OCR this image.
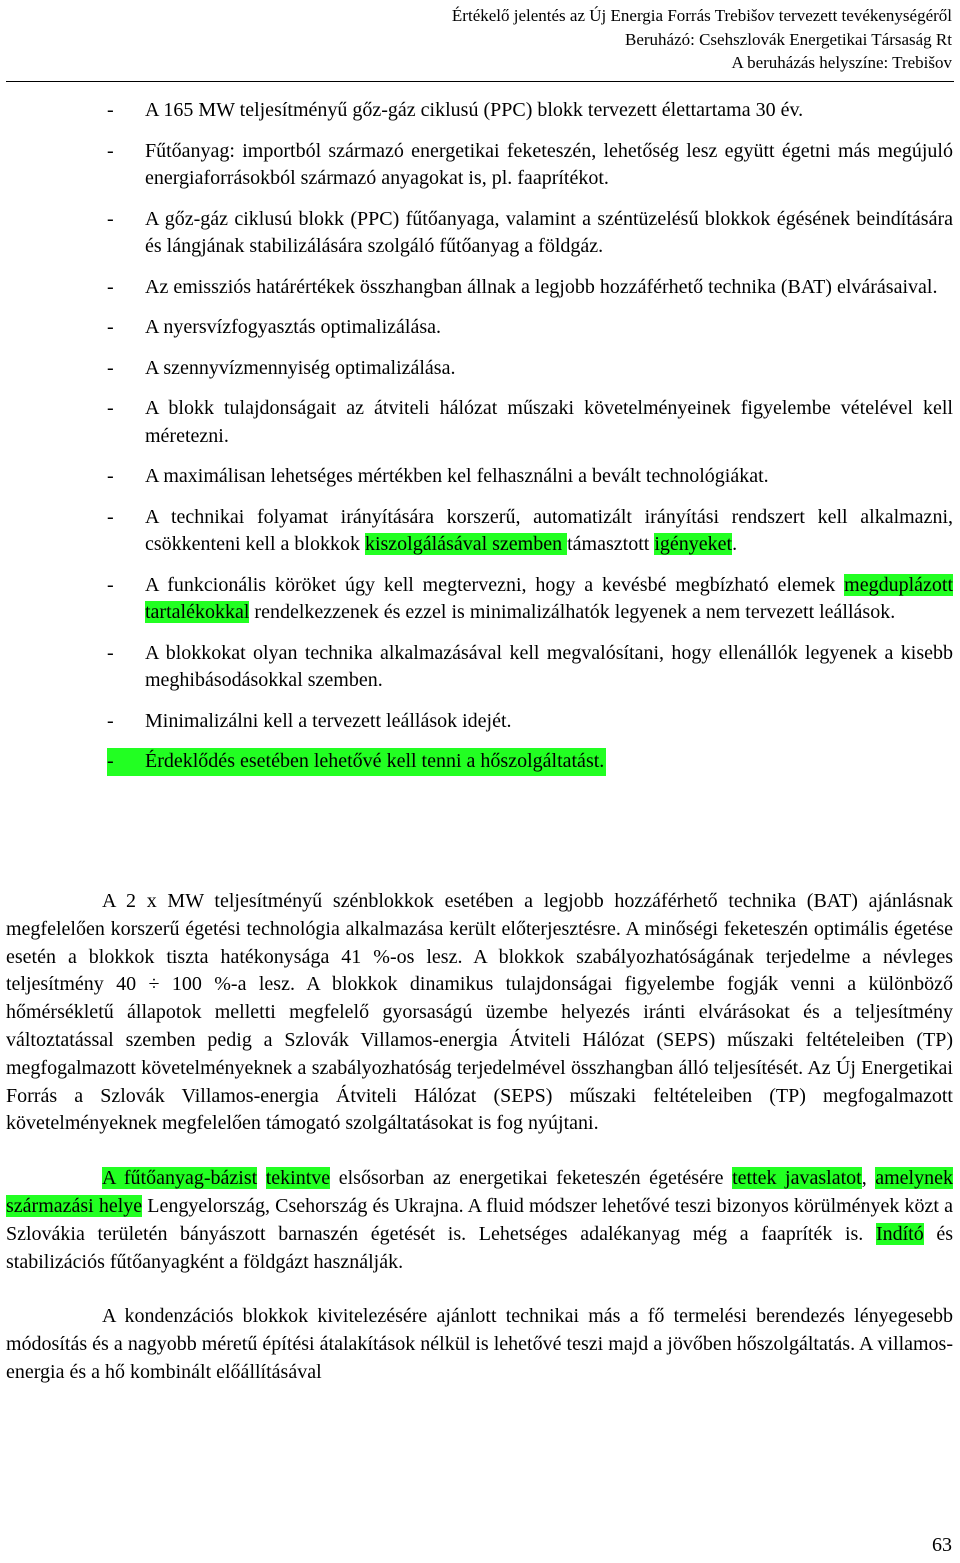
Értékelő jelentés az Új Energia Forrás Trebišov tervezett tevékenységéről
Beruházó: Csehszlovák Energetikai Társaság Rt
A beruházás helyszíne: Trebišov
- A 165 MW teljesítményű gőz-gáz ciklusú (PPC) blokk tervezett élettartama 30 év.
- Fűtőanyag: importból származó energetikai feketeszén, lehetőség lesz együtt égetni más megújuló energiaforrásokból származó anyagokat is, pl. faaprítékot.
- A gőz-gáz ciklusú blokk (PPC) fűtőanyaga, valamint a széntüzelésű blokkok égésének beindítására és lángjának stabilizálására szolgáló fűtőanyag a földgáz.
- Az emissziós határértékek összhangban állnak a legjobb hozzáférhető technika (BAT) elvárásaival.
- A nyersvízfogyasztás optimalizálása.
- A szennyvízmennyiség optimalizálása.
- A blokk tulajdonságait az átviteli hálózat műszaki követelményeinek figyelembe vételével kell méretezni.
- A maximálisan lehetséges mértékben kel felhasználni a bevált technológiákat.
- A technikai folyamat irányítására korszerű, automatizált irányítási rendszert kell alkalmazni, csökkenteni kell a blokkok kiszolgálásával szemben támasztott igényeket.
- A funkcionális köröket úgy kell megtervezni, hogy a kevésbé megbízható elemek megduplázott tartalékokkal rendelkezzenek és ezzel is minimalizálhatók legyenek a nem tervezett leállások.
- A blokkokat olyan technika alkalmazásával kell megvalósítani, hogy ellenállók legyenek a kisebb meghibásodásokkal szemben.
- Minimalizálni kell a tervezett leállások idejét.
- Érdeklődés esetében lehetővé kell tenni a hőszolgáltatást.

A 2 x MW teljesítményű szénblokkok esetében a legjobb hozzáférhető technika (BAT) ajánlásnak megfelelően korszerű égetési technológia alkalmazása került előterjesztésre. A minőségi feketeszén optimális égetése esetén a blokkok tiszta hatékonysága 41 %-os lesz. A blokkok szabályozhatóságának terjedelme a névleges teljesítmény 40 ÷ 100 %-a lesz. A blokkok dinamikus tulajdonságai figyelembe fogják venni a különböző hőmérsékletű állapotok melletti megfelelő gyorsaságú üzembe helyezés iránti elvárásokat és a teljesítmény változtatással szemben pedig a Szlovák Villamos-energia Átviteli Hálózat (SEPS) műszaki feltételeiben (TP) megfogalmazott követelményeknek a szabályozhatóság terjedelmével összhangban álló teljesítését. Az Új Energetikai Forrás a Szlovák Villamos-energia Átviteli Hálózat (SEPS) műszaki feltételeiben (TP) megfogalmazott követelményeknek megfelelően támogató szolgáltatásokat is fog nyújtani.

A fűtőanyag-bázist tekintve elsősorban az energetikai feketeszén égetésére tettek javaslatot, amelynek származási helye Lengyelország, Csehország és Ukrajna. A fluid módszer lehetővé teszi bizonyos körülmények közt a Szlovákia területén bányászott barnaszén égetését is. Lehetséges adalékanyag még a faapríték is. Indító és stabilizációs fűtőanyagként a földgázt használják.

A kondenzációs blokkok kivitelezésére ajánlott technikai más a fő termelési berendezés lényegesebb módosítás és a nagyobb méretű építési átalakítások nélkül is lehetővé teszi majd a jövőben hőszolgáltatás. A villamos-energia és a hő kombinált előállításával

63
